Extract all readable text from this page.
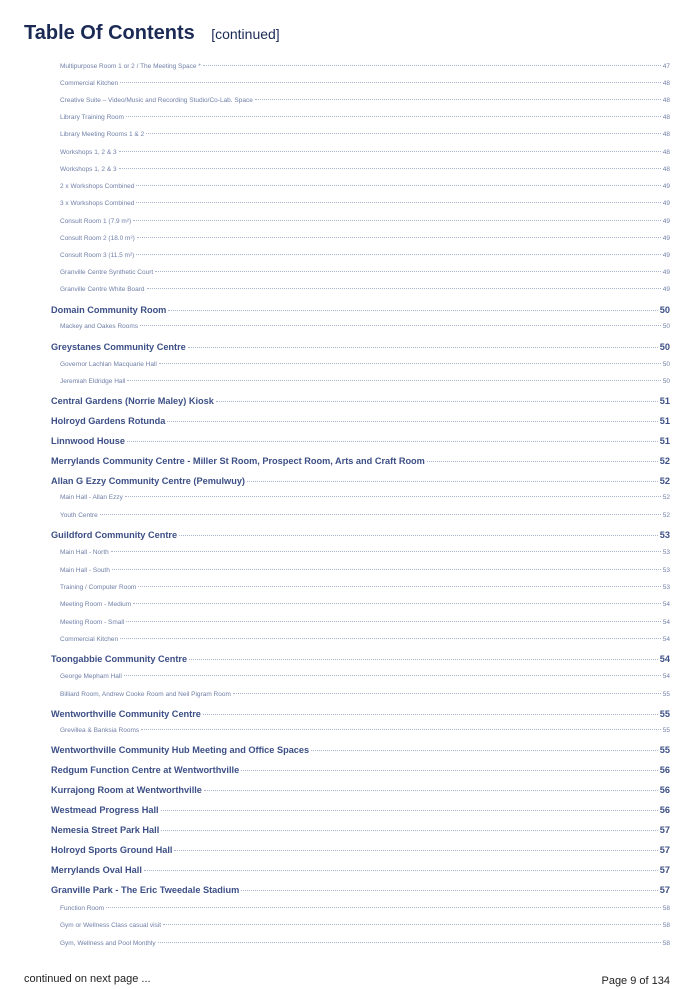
Table Of Contents [continued]
Multipurpose Room 1 or 2 / The Meeting Space *	47
Commercial Kitchen	48
Creative Suite – Video/Music and Recording Studio/Co-Lab. Space	48
Library Training Room	48
Library Meeting Rooms 1 & 2	48
Workshops 1, 2 & 3	48
Workshops 1, 2 & 3	48
2 x Workshops Combined	49
3 x Workshops Combined	49
Consult Room 1 (7.9 m²)	49
Consult Room 2 (18.0 m²)	49
Consult Room 3 (11.5 m²)	49
Granville Centre Synthetic Court	49
Granville Centre White Board	49
Domain Community Room	50
Mackey and Oakes Rooms	50
Greystanes Community Centre	50
Governor Lachlan Macquarie Hall	50
Jeremiah Eldridge Hall	50
Central Gardens (Norrie Maley) Kiosk	51
Holroyd Gardens Rotunda	51
Linnwood House	51
Merrylands Community Centre - Miller St Room, Prospect Room, Arts and Craft Room	52
Allan G Ezzy Community Centre (Pemulwuy)	52
Main Hall - Allan Ezzy	52
Youth Centre	52
Guildford Community Centre	53
Main Hall - North	53
Main Hall - South	53
Training / Computer Room	53
Meeting Room - Medium	54
Meeting Room - Small	54
Commercial Kitchen	54
Toongabbie Community Centre	54
George Mepham Hall	54
Billiard Room, Andrew Cooke Room and Neil Pigram Room	55
Wentworthville Community Centre	55
Grevillea & Banksia Rooms	55
Wentworthville Community Hub Meeting and Office Spaces	55
Redgum Function Centre at Wentworthville	56
Kurrajong Room at Wentworthville	56
Westmead Progress Hall	56
Nemesia Street Park Hall	57
Holroyd Sports Ground Hall	57
Merrylands Oval Hall	57
Granville Park - The Eric Tweedale Stadium	57
Function Room	58
Gym or Wellness Class casual visit	58
Gym, Wellness and Pool Monthly	58
continued on next page ...	Page 9 of 134
